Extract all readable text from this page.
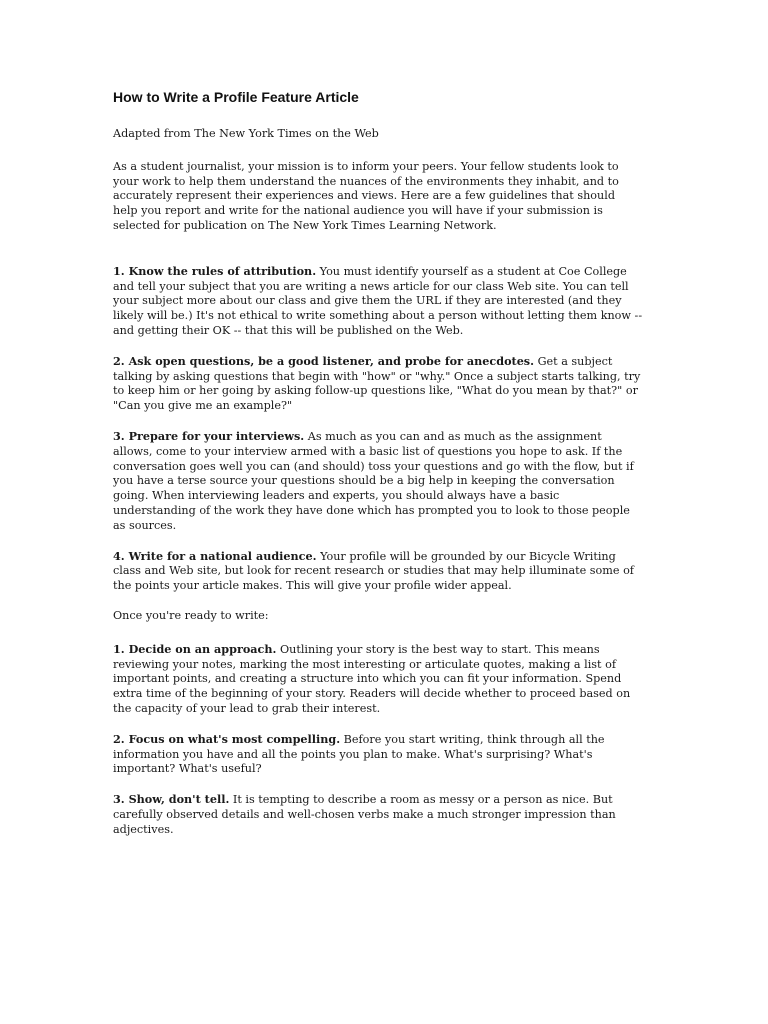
How to Write a Profile Feature Article

Adapted from The New York Times on the Web

As a student journalist, your mission is to inform your peers. Your fellow students look to your work to help them understand the nuances of the environments they inhabit, and to accurately represent their experiences and views. Here are a few guidelines that should help you report and write for the national audience you will have if your submission is selected for publication on The New York Times Learning Network.

1. Know the rules of attribution. You must identify yourself as a student at Coe College and tell your subject that you are writing a news article for our class Web site. You can tell your subject more about our class and give them the URL if they are interested (and they likely will be.) It's not ethical to write something about a person without letting them know -- and getting their OK -- that this will be published on the Web.

2. Ask open questions, be a good listener, and probe for anecdotes. Get a subject talking by asking questions that begin with "how" or "why." Once a subject starts talking, try to keep him or her going by asking follow-up questions like, "What do you mean by that?" or "Can you give me an example?"

3. Prepare for your interviews. As much as you can and as much as the assignment allows, come to your interview armed with a basic list of questions you hope to ask. If the conversation goes well you can (and should) toss your questions and go with the flow, but if you have a terse source your questions should be a big help in keeping the conversation going. When interviewing leaders and experts, you should always have a basic understanding of the work they have done which has prompted you to look to those people as sources.

4. Write for a national audience. Your profile will be grounded by our Bicycle Writing class and Web site, but look for recent research or studies that may help illuminate some of the points your article makes. This will give your profile wider appeal.

Once you're ready to write:

1. Decide on an approach. Outlining your story is the best way to start. This means reviewing your notes, marking the most interesting or articulate quotes, making a list of important points, and creating a structure into which you can fit your information. Spend extra time of the beginning of your story. Readers will decide whether to proceed based on the capacity of your lead to grab their interest.

2. Focus on what's most compelling. Before you start writing, think through all the information you have and all the points you plan to make. What's surprising? What's important? What's useful?

3. Show, don't tell. It is tempting to describe a room as messy or a person as nice. But carefully observed details and well-chosen verbs make a much stronger impression than adjectives.
